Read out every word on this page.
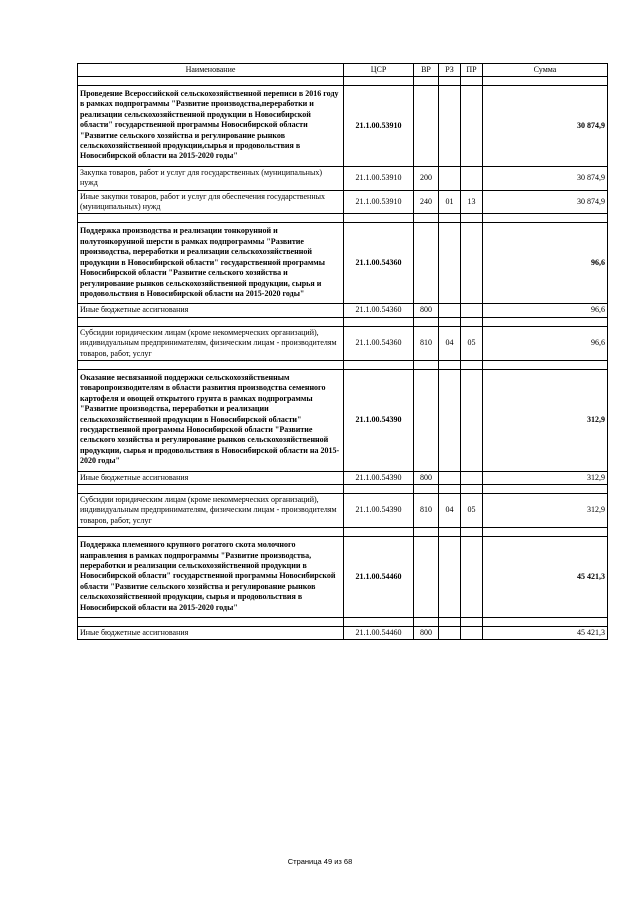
Наименование	ЦСР	ВР	РЗ	ПР	Сумма

Проведение Всероссийской сельскохозяйственной переписи в 2016 году в рамках подпрограммы "Развитие производства,переработки и реализации сельскохозяйственной продукции в Новосибирской области" государственной программы Новосибирской области "Развитие сельского хозяйства и регулирование рынков сельскохозяйственной продукции,сырья и продовольствия в Новосибирской области на 2015-2020 годы"	21.1.00.53910				30 874,9
Закупка товаров, работ и услуг для государственных (муниципальных) нужд	21.1.00.53910	200			30 874,9
Иные закупки товаров, работ и услуг для обеспечения государственных (муниципальных) нужд	21.1.00.53910	240	01	13	30 874,9

Поддержка производства и реализации тонкорунной и полутонкорунной шерсти в рамках подпрограммы "Развитие производства, переработки и реализации сельскохозяйственной продукции в Новосибирской области" государственной программы Новосибирской области "Развитие сельского хозяйства и регулирование рынков сельскохозяйственной продукции, сырья и продовольствия в Новосибирской области на 2015-2020 годы"	21.1.00.54360				96,6
Иные бюджетные ассигнования	21.1.00.54360	800			96,6

Субсидии юридическим лицам (кроме некоммерческих организаций), индивидуальным предпринимателям, физическим лицам - производителям товаров, работ, услуг	21.1.00.54360	810	04	05	96,6

Оказание несвязанной поддержки сельскохозяйственным товаропроизводителям в области развития производства семенного картофеля и овощей открытого грунта в рамках подпрограммы "Развитие производства, переработки и реализации сельскохозяйственной продукции в Новосибирской области" государственной программы Новосибирской области "Развитие сельского хозяйства и регулирование рынков сельскохозяйственной продукции, сырья и продовольствия в Новосибирской области на 2015-2020 годы"	21.1.00.54390				312,9
Иные бюджетные ассигнования	21.1.00.54390	800			312,9

Субсидии юридическим лицам (кроме некоммерческих организаций), индивидуальным предпринимателям, физическим лицам - производителям товаров, работ, услуг	21.1.00.54390	810	04	05	312,9

Поддержка племенного крупного рогатого скота молочного направления в рамках подпрограммы "Развитие производства, переработки и реализации сельскохозяйственной продукции в Новосибирской области" государственной программы Новосибирской области "Развитие сельского хозяйства и регулирование рынков сельскохозяйственной продукции, сырья и продовольствия в Новосибирской области на 2015-2020 годы"	21.1.00.54460				45 421,3

Иные бюджетные ассигнования	21.1.00.54460	800			45 421,3
Страница 49 из 68
